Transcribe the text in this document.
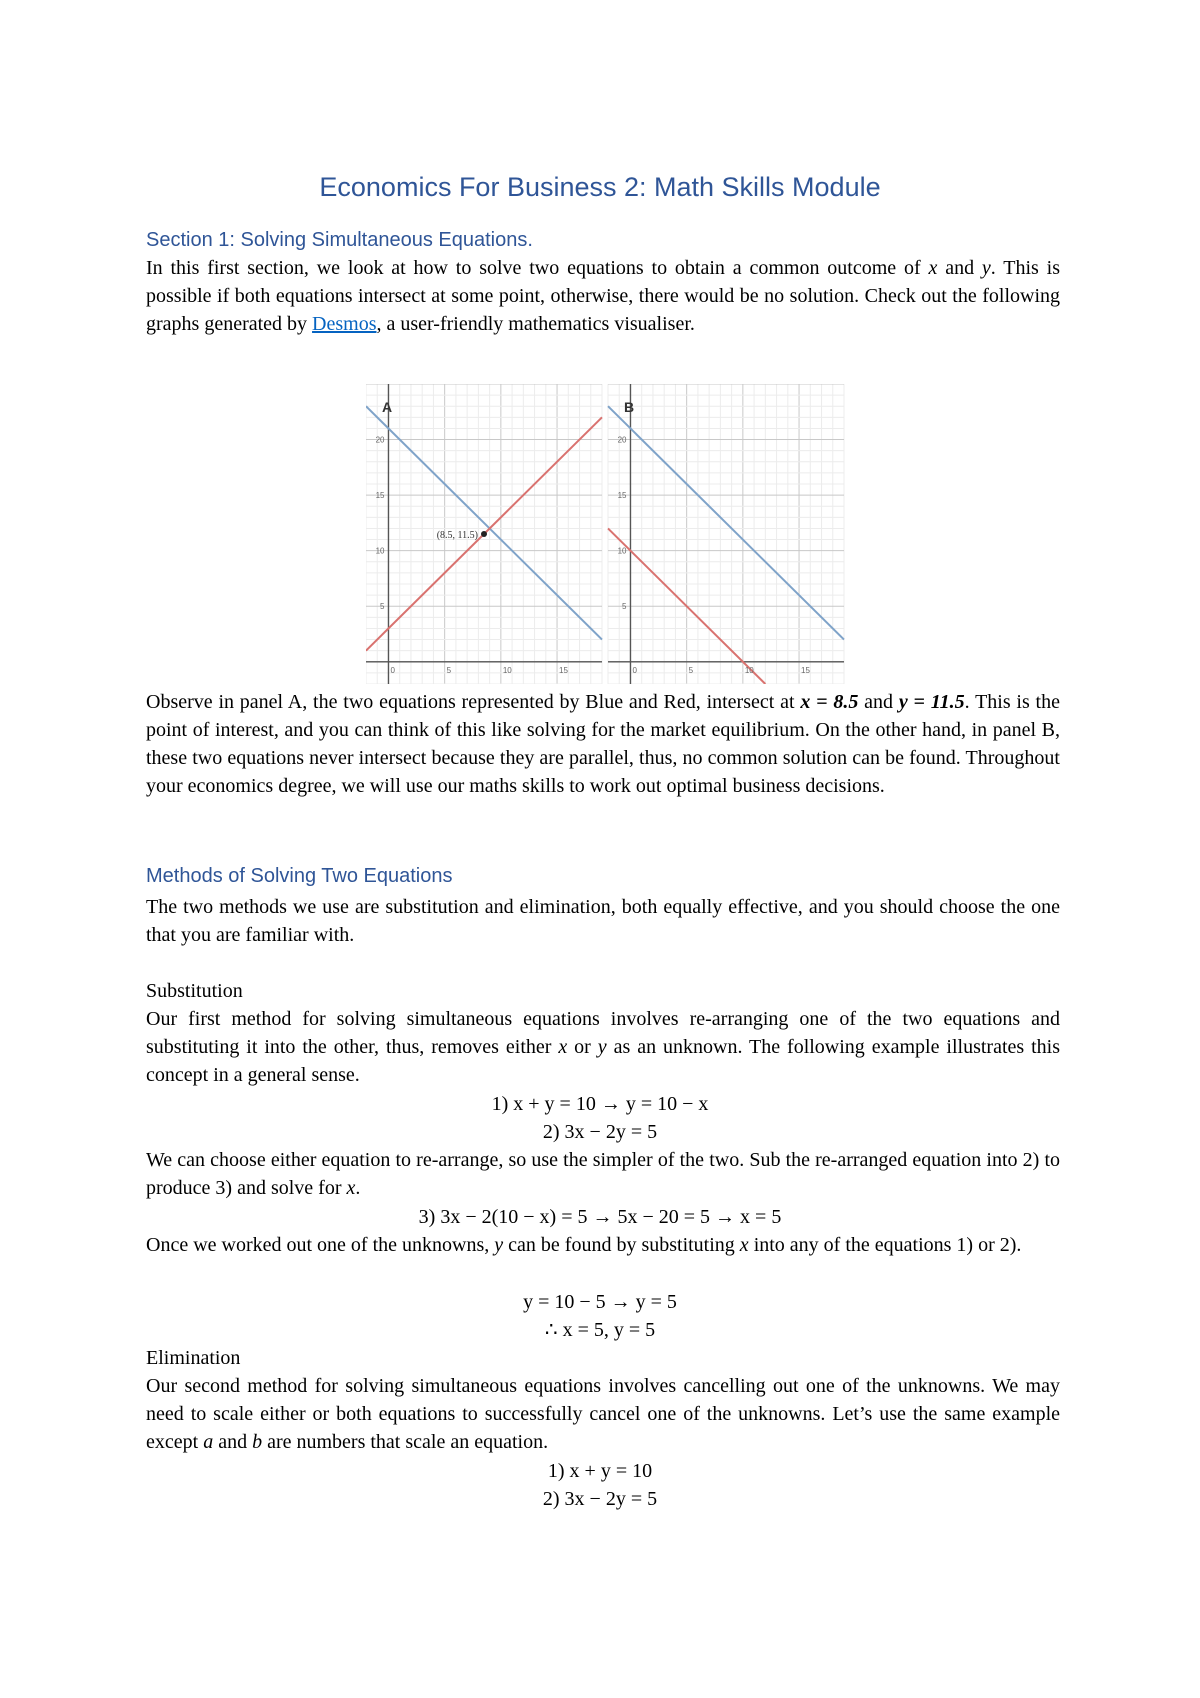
Economics For Business 2: Math Skills Module
Section 1: Solving Simultaneous Equations.
In this first section, we look at how to solve two equations to obtain a common outcome of x and y. This is possible if both equations intersect at some point, otherwise, there would be no solution. Check out the following graphs generated by Desmos, a user-friendly mathematics visualiser.
(8.5, 11.5)
0	5	10	15
5
10
15
20
A
0	5	10	15
5
10
15
20
B
Observe in panel A, the two equations represented by Blue and Red, intersect at x = 8.5 and y = 11.5. This is the point of interest, and you can think of this like solving for the market equilibrium. On the other hand, in panel B, these two equations never intersect because they are parallel, thus, no common solution can be found. Throughout your economics degree, we will use our maths skills to work out optimal business decisions.
Methods of Solving Two Equations
The two methods we use are substitution and elimination, both equally effective, and you should choose the one that you are familiar with.
Substitution
Our first method for solving simultaneous equations involves re-arranging one of the two equations and substituting it into the other, thus, removes either x or y as an unknown. The following example illustrates this concept in a general sense.
1) x + y = 10 → y = 10 − x
2) 3x − 2y = 5
We can choose either equation to re-arrange, so use the simpler of the two. Sub the re-arranged equation into 2) to produce 3) and solve for x.
3) 3x − 2(10 − x) = 5 → 5x − 20 = 5 → x = 5
Once we worked out one of the unknowns, y can be found by substituting x into any of the equations 1) or 2).
y = 10 − 5 → y = 5
∴ x = 5, y = 5
Elimination
Our second method for solving simultaneous equations involves cancelling out one of the unknowns. We may need to scale either or both equations to successfully cancel one of the unknowns. Let’s use the same example except a and b are numbers that scale an equation.
1) x + y = 10
2) 3x − 2y = 5
